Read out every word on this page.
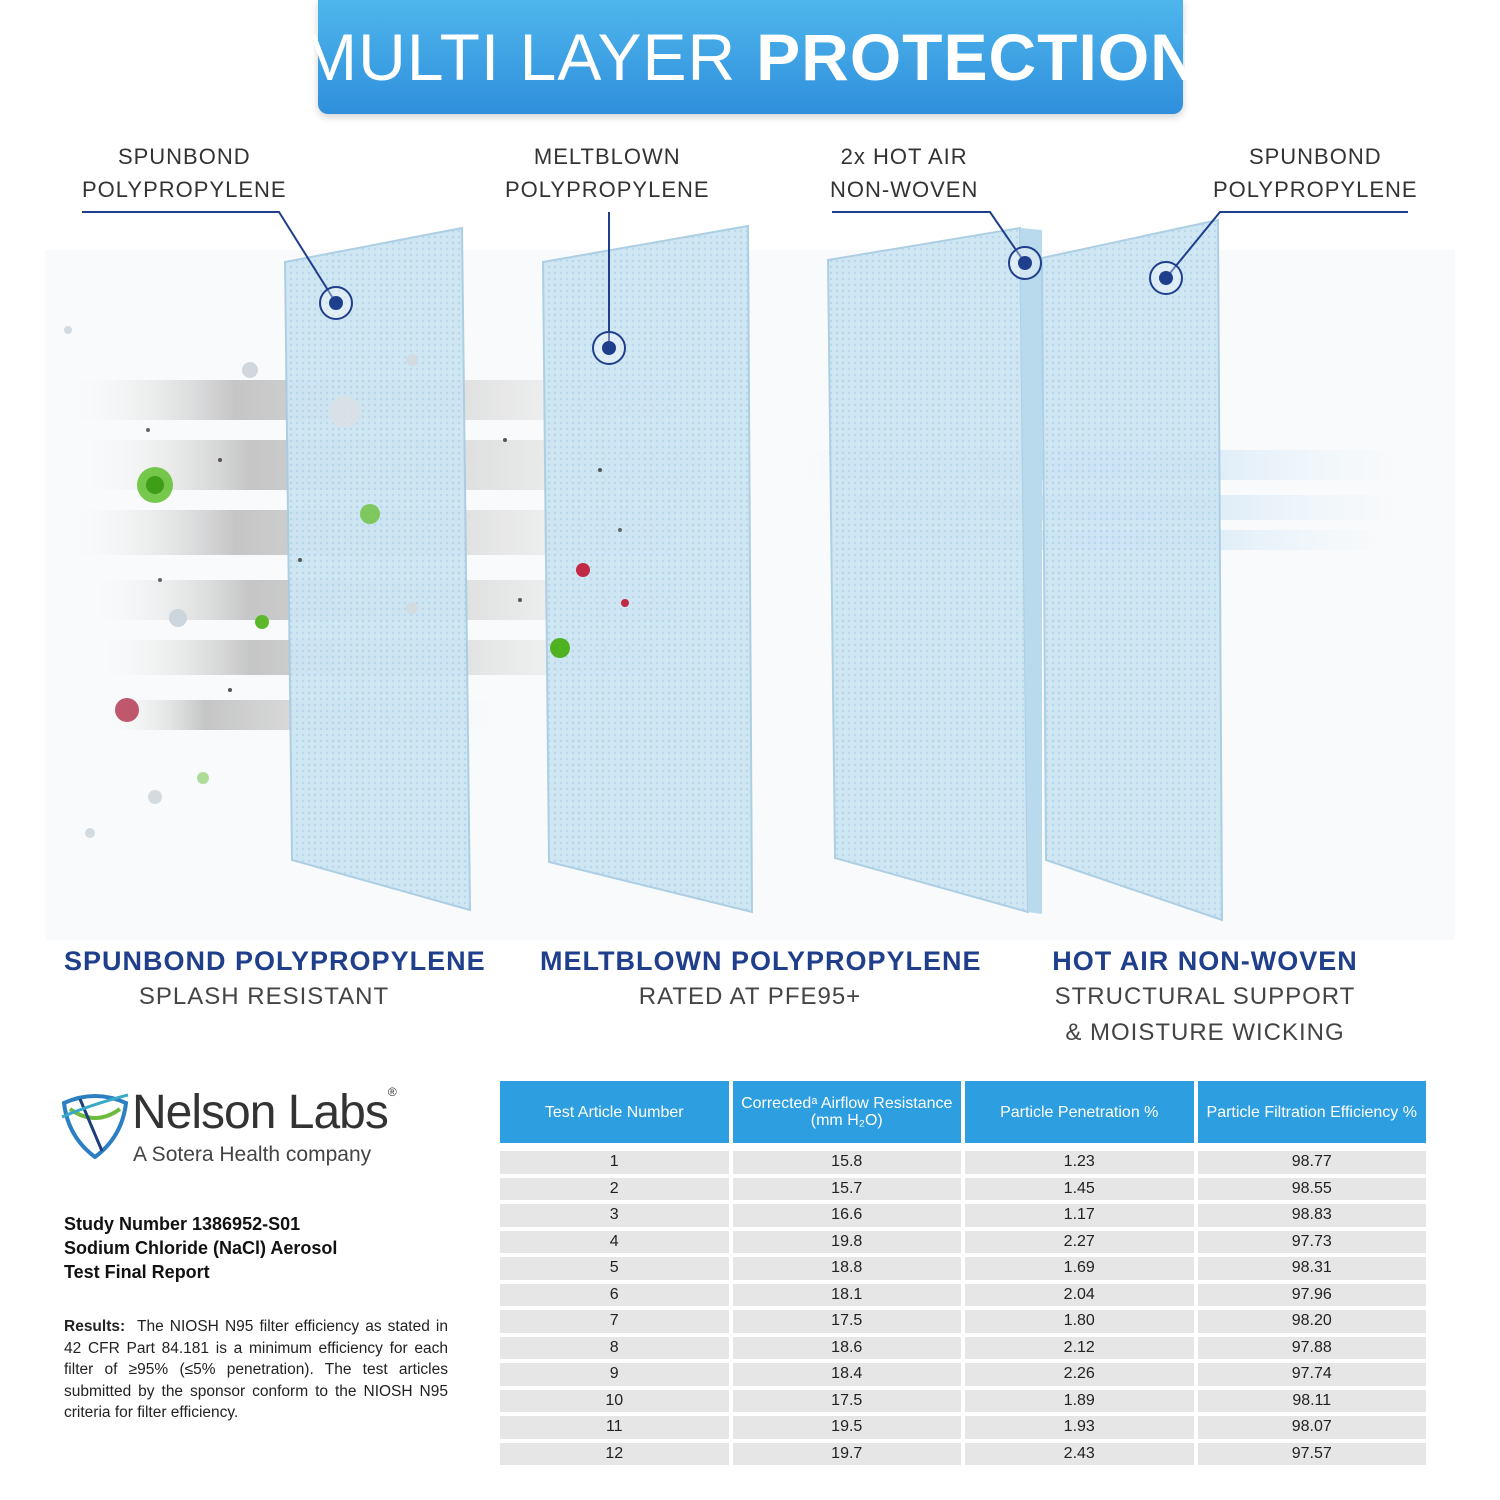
MULTI LAYER PROTECTION
SPUNBOND
POLYPROPYLENE
MELTBLOWN
POLYPROPYLENE
2x HOT AIR
NON-WOVEN
SPUNBOND
POLYPROPYLENE
SPUNBOND POLYPROPYLENE
SPLASH RESISTANT
MELTBLOWN POLYPROPYLENE
RATED AT PFE95+
HOT AIR NON-WOVEN
STRUCTURAL SUPPORT
& MOISTURE WICKING
Nelson Labs®
A Sotera Health company
Study Number 1386952-S01
Sodium Chloride (NaCl) Aerosol
Test Final Report
Results: The NIOSH N95 filter efficiency as stated in 42 CFR Part 84.181 is a minimum efficiency for each filter of ≥95% (≤5% penetration). The test articles submitted by the sponsor conform to the NIOSH N95 criteria for filter efficiency.
Test Article Number	Correctedᵃ Airflow Resistance (mm H₂O)	Particle Penetration %	Particle Filtration Efficiency %
1	15.8	1.23	98.77
2	15.7	1.45	98.55
3	16.6	1.17	98.83
4	19.8	2.27	97.73
5	18.8	1.69	98.31
6	18.1	2.04	97.96
7	17.5	1.80	98.20
8	18.6	2.12	97.88
9	18.4	2.26	97.74
10	17.5	1.89	98.11
11	19.5	1.93	98.07
12	19.7	2.43	97.57
